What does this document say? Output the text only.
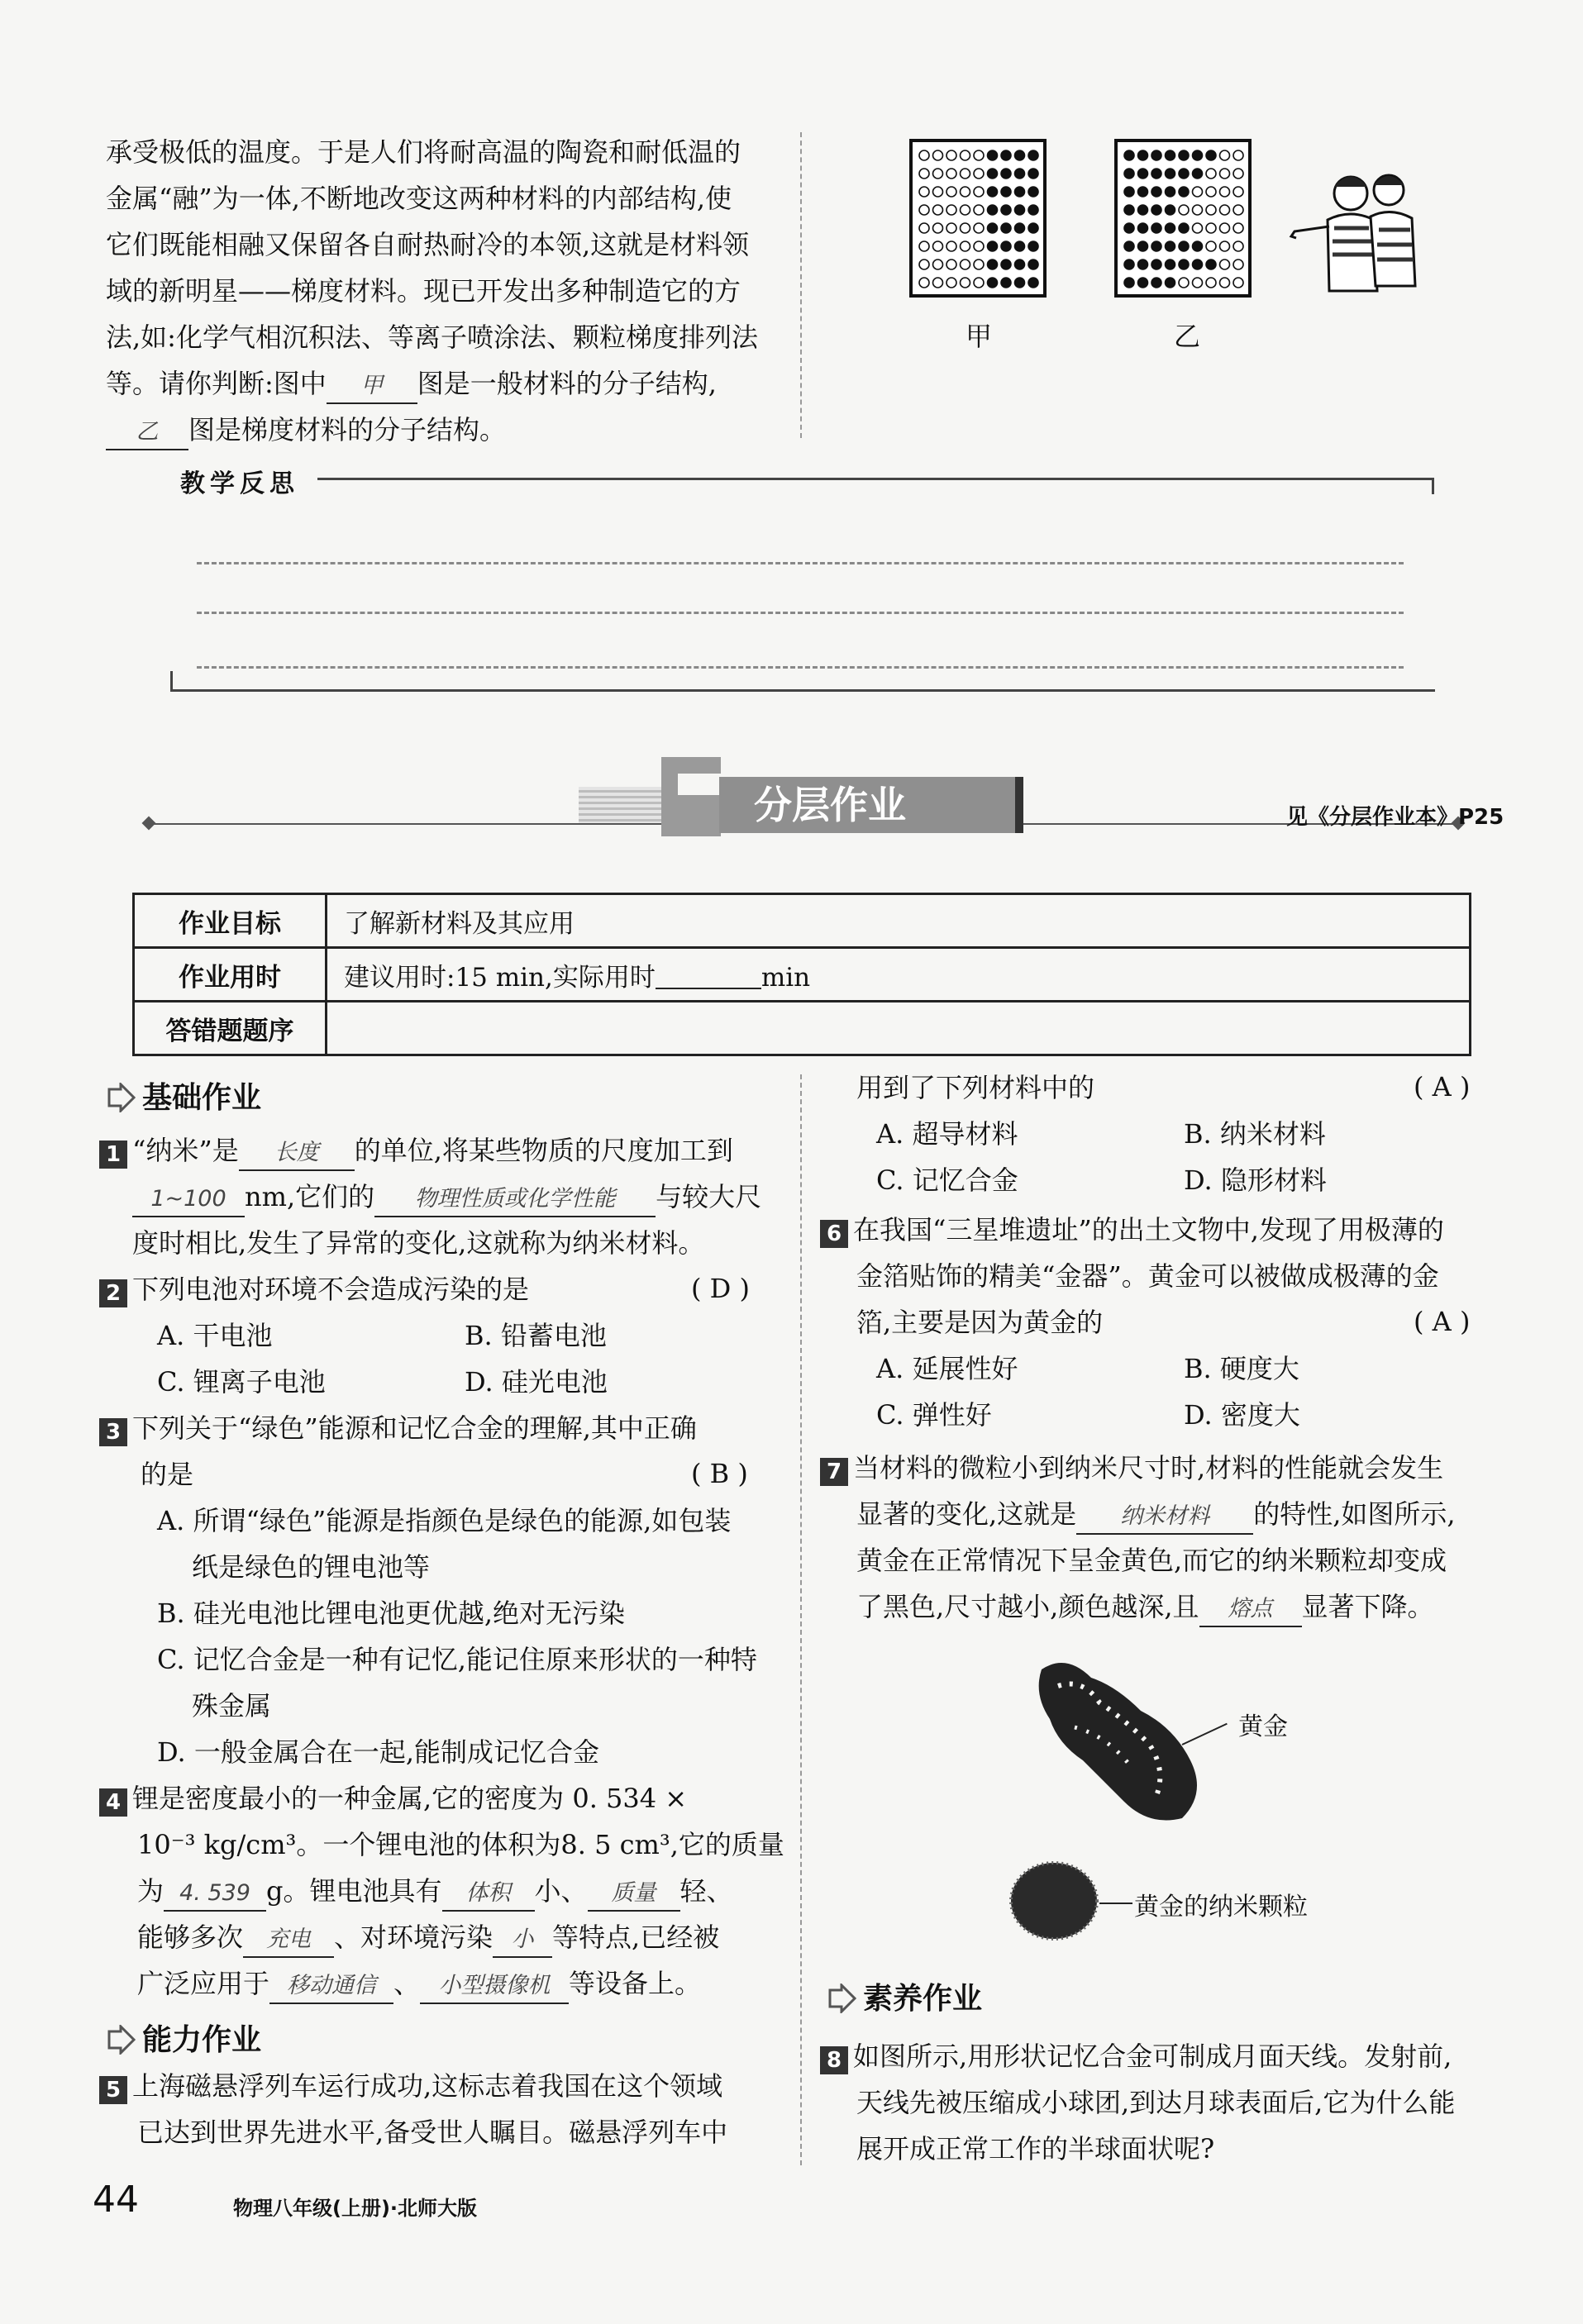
承受极低的温度。于是人们将耐高温的陶瓷和耐低温的
金属“融”为一体,不断地改变这两种材料的内部结构,使
它们既能相融又保留各自耐热耐冷的本领,这就是材料领
域的新明星——梯度材料。现已开发出多种制造它的方
法,如:化学气相沉积法、等离子喷涂法、颗粒梯度排列法
等。请你判断:图中 甲 图是一般材料的分子结构,
乙 图是梯度材料的分子结构。
甲	乙
教学反思
分层作业	见《分层作业本》P25
作业目标	了解新材料及其应用
作业用时	建议用时:15 min,实际用时 min
答错题题序	
基础作业
1 “纳米”是 长度 的单位,将某些物质的尺度加工到
1~100 nm,它们的 物理性质或化学性能 与较大尺
度时相比,发生了异常的变化,这就称为纳米材料。
2 下列电池对环境不会造成污染的是
A. 干电池	B. 铅蓄电池
C. 锂离子电池	D. 硅光电池
( D )
3 下列关于“绿色”能源和记忆合金的理解,其中正确
的是
A. 所谓“绿色”能源是指颜色是绿色的能源,如包装
纸是绿色的锂电池等
B. 硅光电池比锂电池更优越,绝对无污染
C. 记忆合金是一种有记忆,能记住原来形状的一种特
殊金属
D. 一般金属合在一起,能制成记忆合金
( B )
4 锂是密度最小的一种金属,它的密度为 0. 534 ×
10⁻³ kg/cm³。一个锂电池的体积为8. 5 cm³,它的质量
为 4. 539 g。锂电池具有 体积 小、 质量 轻、
能够多次 充电 、对环境污染 小 等特点,已经被
广泛应用于 移动通信 、 小型摄像机 等设备上。
能力作业
5 上海磁悬浮列车运行成功,这标志着我国在这个领域
已达到世界先进水平,备受世人瞩目。磁悬浮列车中
用到了下列材料中的
A. 超导材料	B. 纳米材料
C. 记忆合金	D. 隐形材料
( A )
6 在我国“三星堆遗址”的出土文物中,发现了用极薄的
金箔贴饰的精美“金器”。黄金可以被做成极薄的金
箔,主要是因为黄金的
A. 延展性好	B. 硬度大
C. 弹性好	D. 密度大
( A )
7 当材料的微粒小到纳米尺寸时,材料的性能就会发生
显著的变化,这就是 纳米材料 的特性,如图所示,
黄金在正常情况下呈金黄色,而它的纳米颗粒却变成
了黑色,尺寸越小,颜色越深,且 熔点 显著下降。
黄金
黄金的纳米颗粒
素养作业
8 如图所示,用形状记忆合金可制成月面天线。发射前,
天线先被压缩成小球团,到达月球表面后,它为什么能
展开成正常工作的半球面状呢?
44	物理八年级(上册)·北师大版
